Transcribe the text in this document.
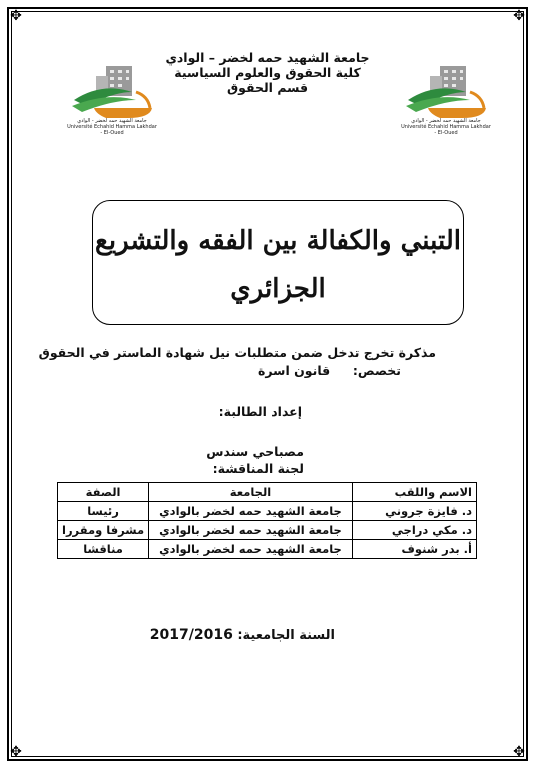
✥	✥
✥	✥
جامعة الشهيد حمه لخضر - الوادي
Université Echahid Hamma Lakhdar - El-Oued
جامعة الشهيد حمه لخضر - الوادي
Université Echahid Hamma Lakhdar - El-Oued
جامعة الشهيد حمه لخضر – الوادي
كلية الحقوق والعلوم السياسية
قسم الحقوق
التبني والكفالة بين الفقه والتشريع
الجزائري
مذكرة تخرج تدخل ضمن متطلبات نيل شهادة الماستر في الحقوق
تخصص:  قانون اسرة
إعداد الطالبة:
مصباحي سندس
لجنة المناقشة:
الاسم واللقب	الجامعة	الصفة
د. فايزة جروني	جامعة الشهيد حمه لخضر بالوادي	رئيسا
د. مكي دراجي	جامعة الشهيد حمه لخضر بالوادي	مشرفا ومقررا
أ. بدر شنوف	جامعة الشهيد حمه لخضر بالوادي	مناقشا
السنة الجامعية: 2017/2016
